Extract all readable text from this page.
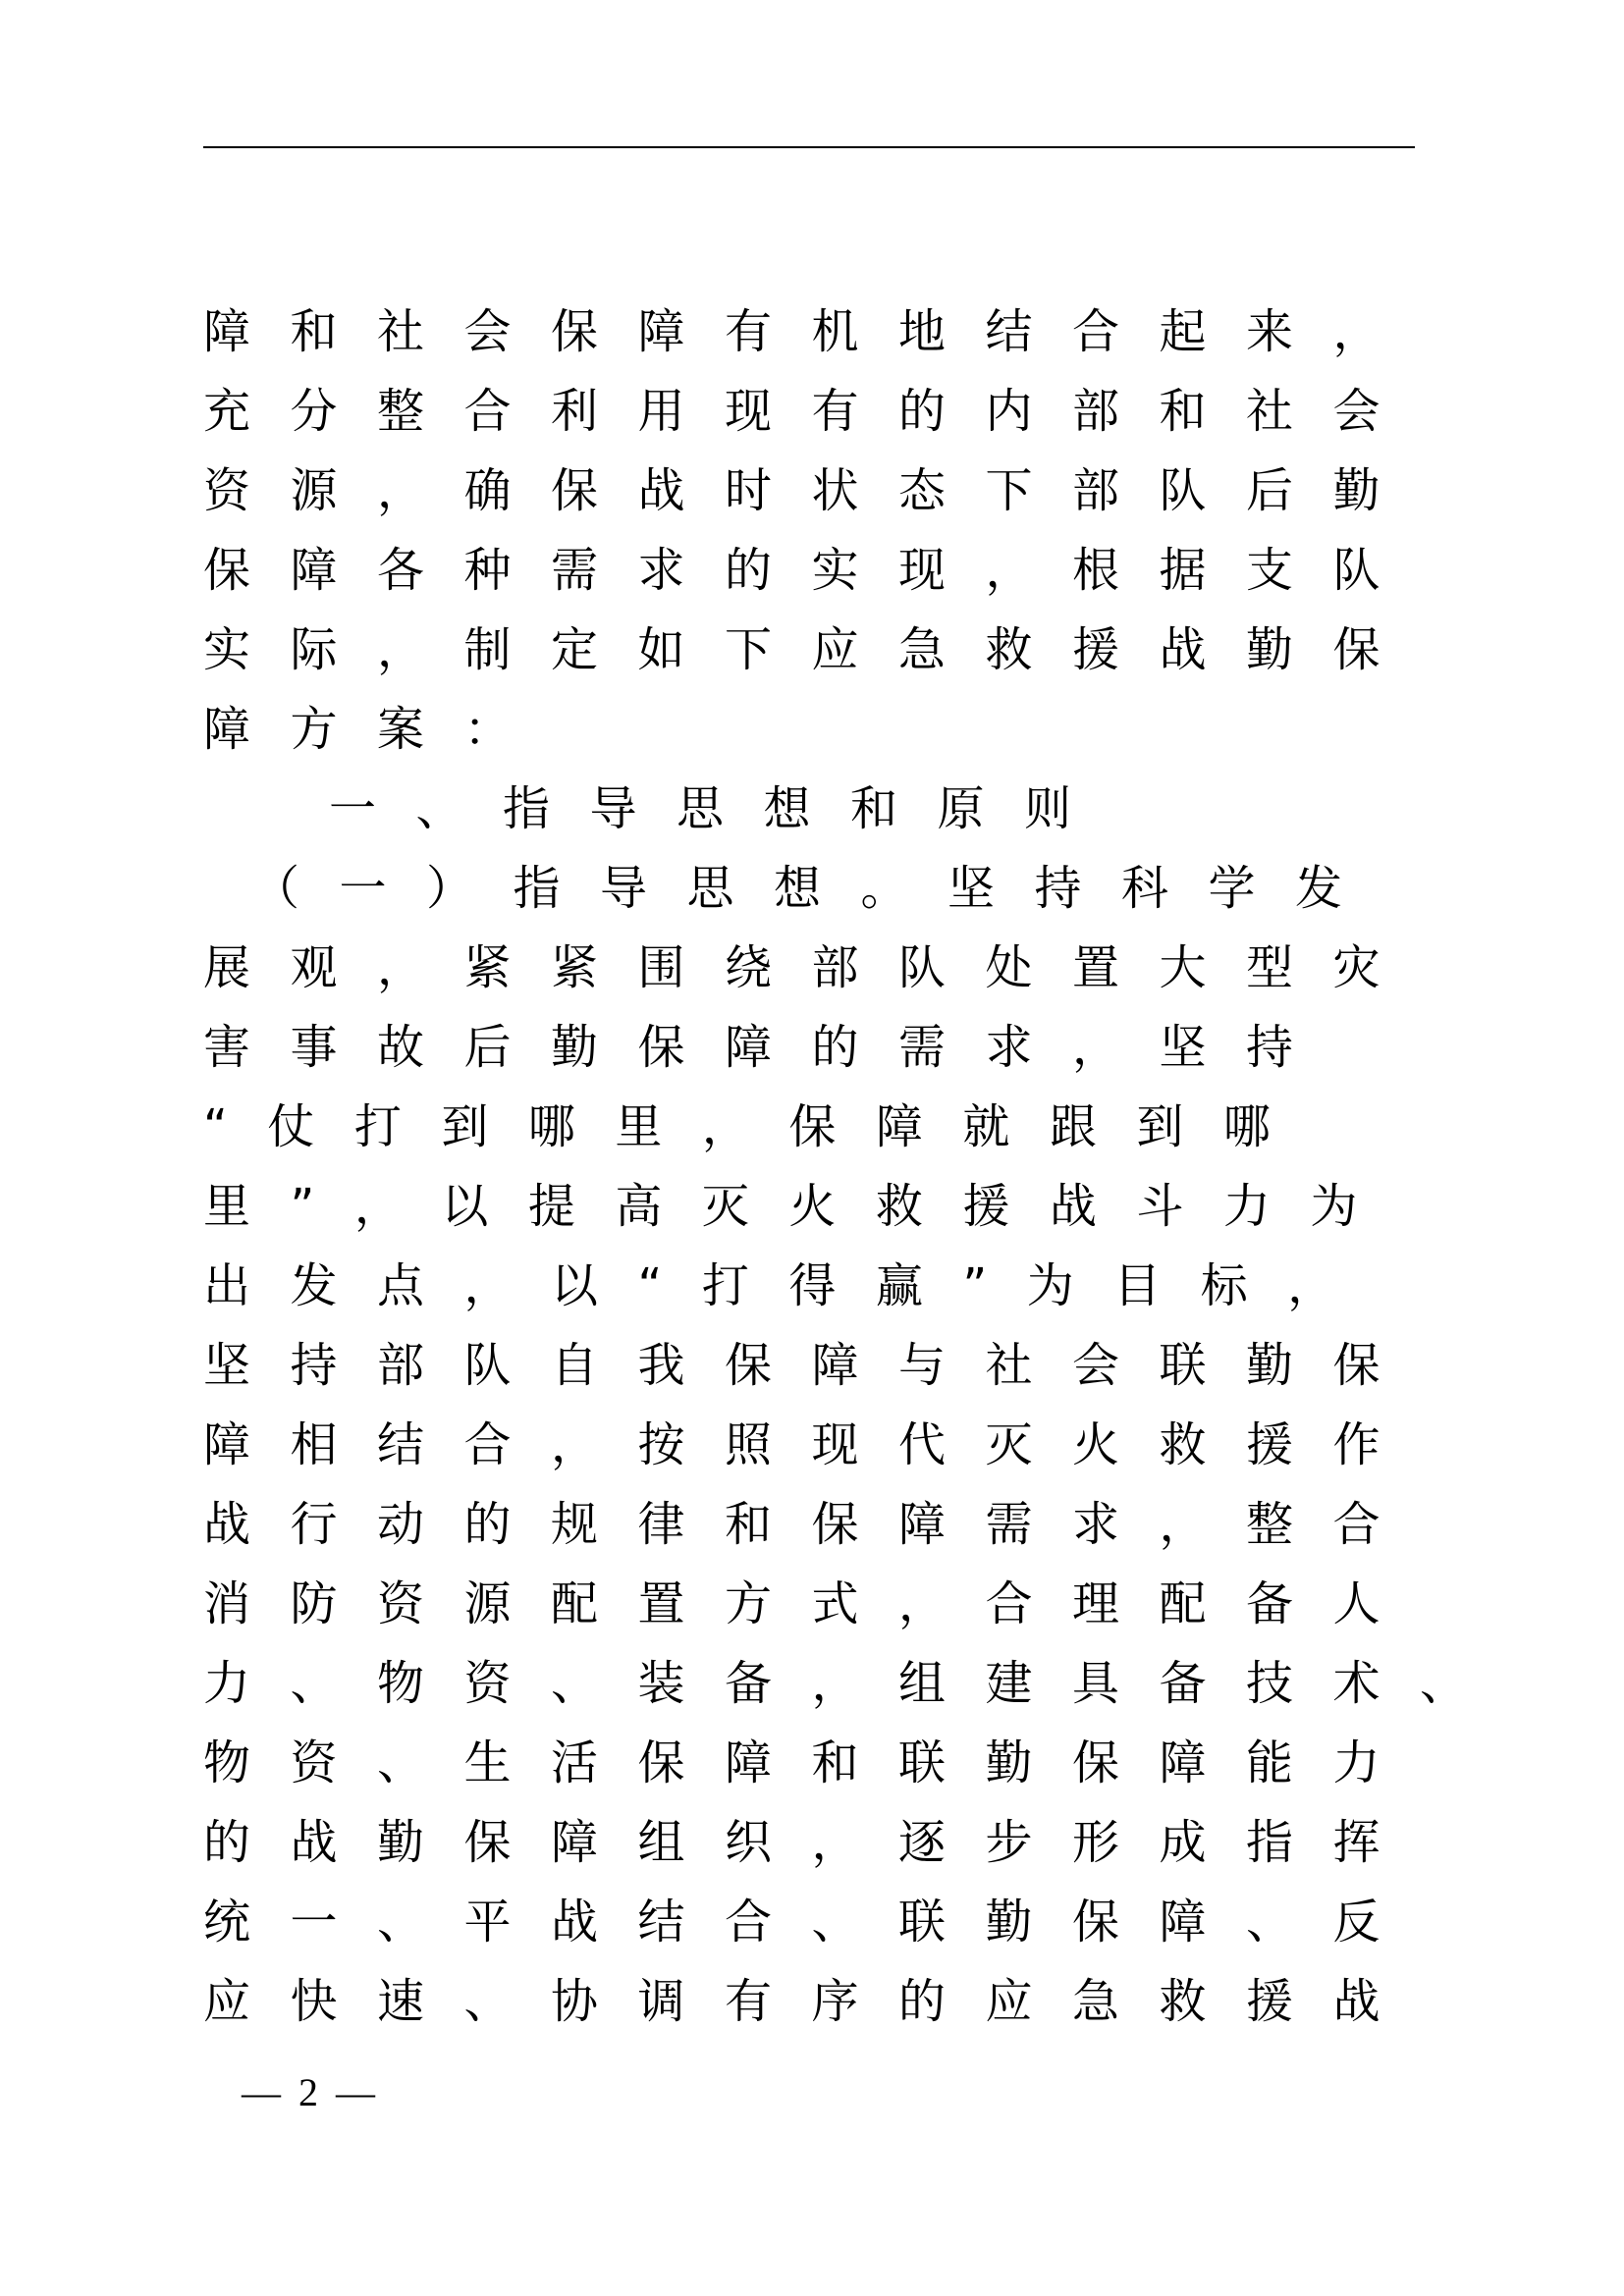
障和社会保障有机地结合起来，
充分整合利用现有的内部和社会
资源，确保战时状态下部队后勤
保障各种需求的实现，根据支队
实际，制定如下应急救援战勤保
障方案：
一、指导思想和原则
（一）指导思想。坚持科学发
展观，紧紧围绕部队处置大型灾
害事故后勤保障的需求，坚持
“仗打到哪里，保障就跟到哪
里”，以提高灭火救援战斗力为
出发点，以“打得赢”为目标，
坚持部队自我保障与社会联勤保
障相结合，按照现代灭火救援作
战行动的规律和保障需求，整合
消防资源配置方式，合理配备人
力、物资、装备，组建具备技术、
物资、生活保障和联勤保障能力
的战勤保障组织，逐步形成指挥
统一、平战结合、联勤保障、反
应快速、协调有序的应急救援战
— 2 —
